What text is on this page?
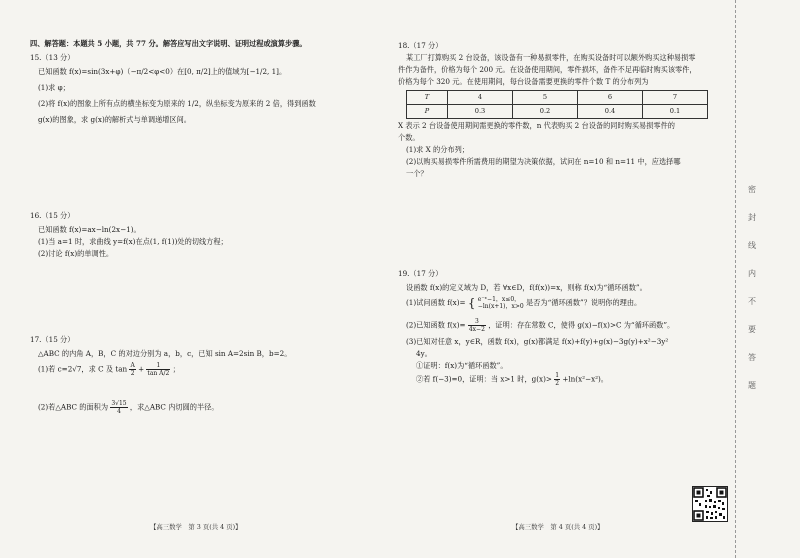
四、解答题：本题共 5 小题，共 77 分。解答应写出文字说明、证明过程或演算步骤。
15.（13 分）
已知函数 f(x)=sin(3x+φ)（−π/2<φ<0）在[0, π/2]上的值域为[−1/2, 1]。
(1)求 φ；
(2)将 f(x)的图象上所有点的横坐标变为原来的 1/2，纵坐标变为原来的 2 倍，得到函数
g(x)的图象，求 g(x)的解析式与单调递增区间。
16.（15 分）
已知函数 f(x)=ax−ln(2x−1)。
(1)当 a=1 时，求曲线 y=f(x)在点(1, f(1))处的切线方程；
(2)讨论 f(x)的单调性。
17.（15 分）
△ABC 的内角 A，B，C 的对边分别为 a，b，c，已知 sin A=2sin B，b=2。
(1)若 c=2√7，求 C 及 $\tan \frac{A}{2} + \frac{1}{\text{tan A/2}}$ ；
(2)若△ABC 的面积为 $\frac{3√15}{4}$ ，求△ABC 内切圆的半径。
18.（17 分）
某工厂打算购买 2 台设备，该设备有一种易损零件，在购买设备时可以额外购买这种易损零
件作为备件，价格为每个 200 元。在设备使用期间，零件损坏，备件不足再临时购买该零件，
价格为每个 320 元。在使用期间，每台设备需要更换的零件个数 T 的分布列为
T	4	5	6	7
P	0.3	0.2	0.4	0.1
X 表示 2 台设备使用期间需更换的零件数，n 代表购买 2 台设备的同时购买易损零件的
个数。
(1)求 X 的分布列；
(2)以购买易损零件所需费用的期望为决策依据，试问在 n=10 和 n=11 中，应选择哪
一个？
19.（17 分）
设函数 f(x)的定义域为 D，若 ∀x∈D，f(f(x))=x，则称 f(x)为“循环函数”。
(1)试问函数 f(x)= { e⁻ˣ−1，x≤0，
−ln(x+1)，x>0 是否为“循环函数”？说明你的理由。
(2)已知函数 $f(x)= \frac{3}{4x-2}$ ，证明：存在常数 C，使得 g(x)−f(x)>C 为“循环函数”。
(3)已知对任意 x，y∈R，函数 f(x)，g(x)都满足 f(x)+f(y)+g(x)−3g(y)+x²−3y²
4y。
①证明：f(x)为“循环函数”。
②若 f(−3)=0，证明：当 x>1 时，$g(x)> \frac{1}{2} +\ln(x^2-x^2)$。
【高三数学　第 3 页(共 4 页)】	【高三数学　第 4 页(共 4 页)】
密
封
线
内
不
要
答
题
